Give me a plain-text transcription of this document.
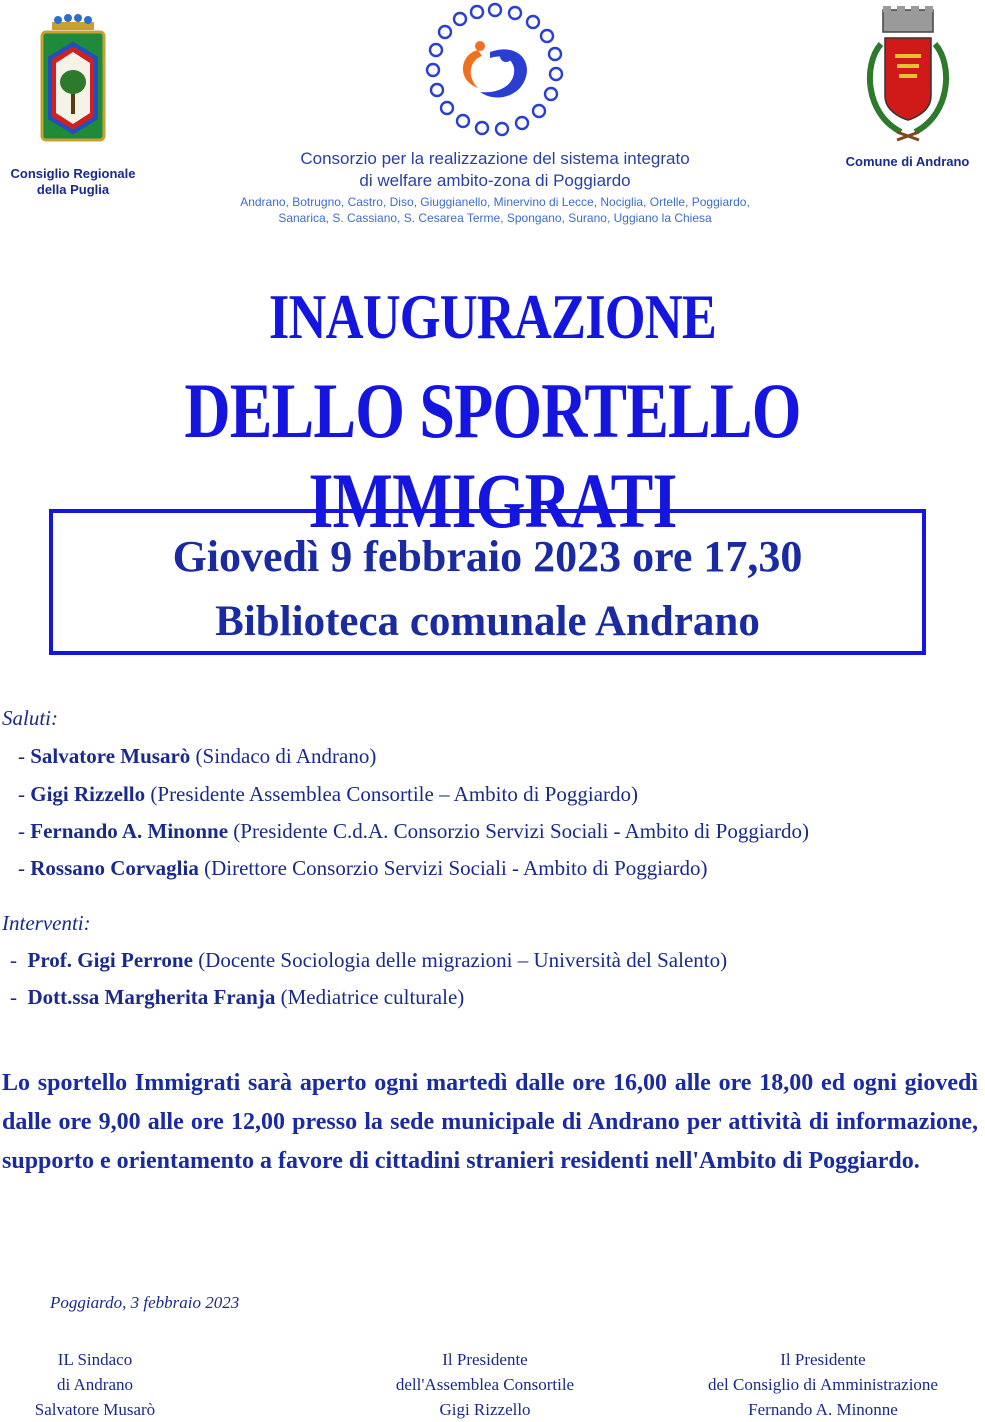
Consiglio Regionale
della Puglia
Consorzio per la realizzazione del sistema integrato
di welfare ambito-zona di Poggiardo
Andrano, Botrugno, Castro, Diso, Giuggianello, Minervino di Lecce, Nociglia, Ortelle, Poggiardo,
Sanarica, S. Cassiano, S. Cesarea Terme, Spongano, Surano, Uggiano la Chiesa
Comune di Andrano
INAUGURAZIONE
DELLO SPORTELLO IMMIGRATI
Giovedì 9 febbraio 2023 ore 17,30
Biblioteca comunale Andrano
Saluti:
- Salvatore Musarò (Sindaco di Andrano)
- Gigi Rizzello (Presidente Assemblea Consortile – Ambito di Poggiardo)
- Fernando A. Minonne (Presidente C.d.A. Consorzio Servizi Sociali - Ambito di Poggiardo)
- Rossano Corvaglia (Direttore Consorzio Servizi Sociali - Ambito di Poggiardo)
Interventi:
-  Prof. Gigi Perrone (Docente Sociologia delle migrazioni – Università del Salento)
-  Dott.ssa Margherita Franja (Mediatrice culturale)
Lo sportello Immigrati sarà aperto ogni martedì dalle ore 16,00 alle ore 18,00 ed ogni giovedì dalle ore 9,00 alle ore 12,00 presso la sede municipale di Andrano per attività di informazione, supporto e orientamento a favore di cittadini stranieri residenti nell'Ambito di Poggiardo.
Poggiardo, 3 febbraio 2023
IL Sindaco
di Andrano
Salvatore Musarò
Il Presidente
dell'Assemblea Consortile
Gigi Rizzello
Il Presidente
del Consiglio di Amministrazione
Fernando A. Minonne
